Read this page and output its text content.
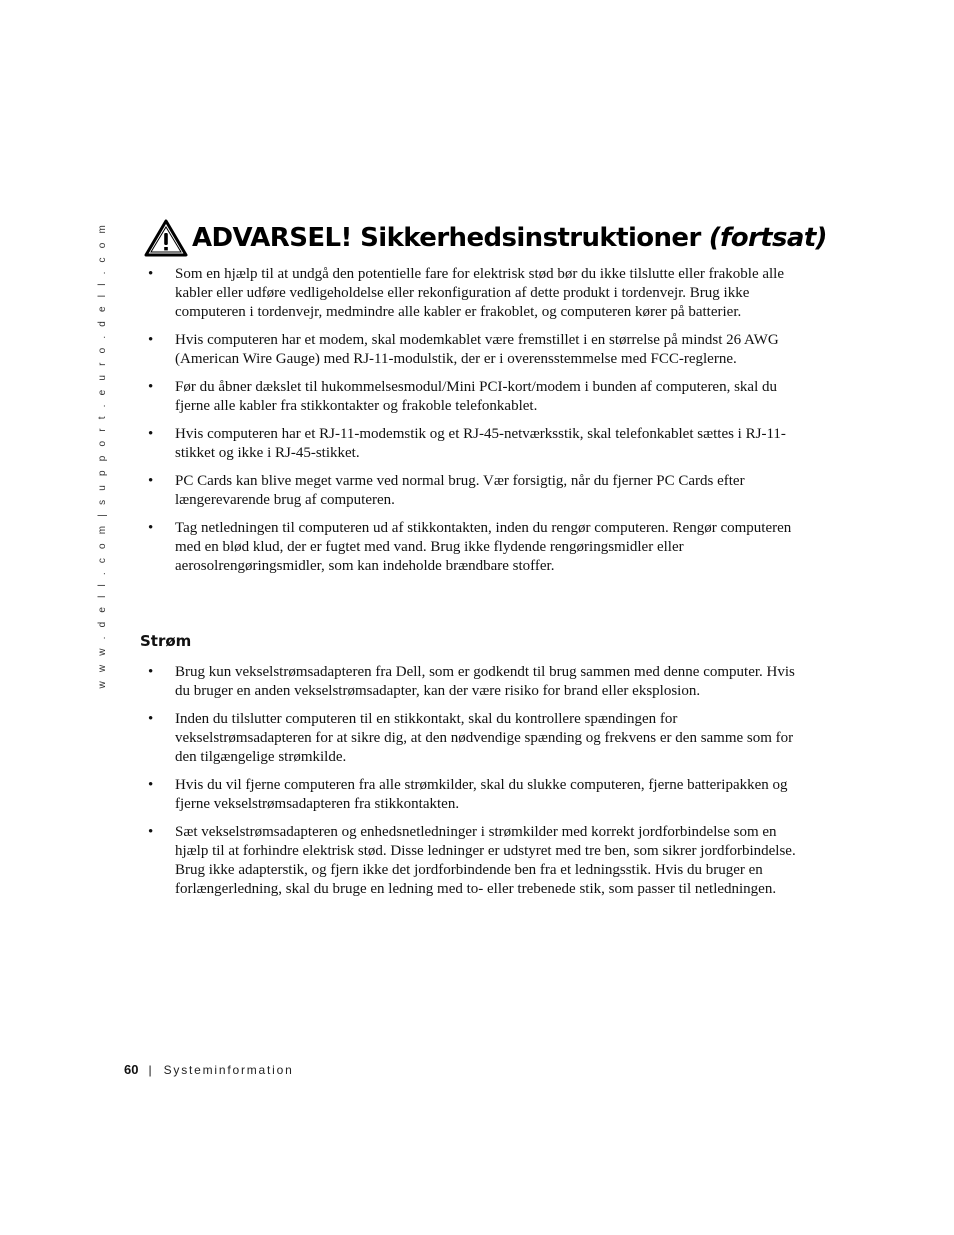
w w w . d e l l . c o m | s u p p o r t . e u r o . d e l l . c o m	ADVARSEL! Sikkerhedsinstruktioner (fortsat)
• Som en hjælp til at undgå den potentielle fare for elektrisk stød bør du ikke tilslutte eller frakoble alle kabler eller udføre vedligeholdelse eller rekonfiguration af dette produkt i tordenvejr. Brug ikke computeren i tordenvejr, medmindre alle kabler er frakoblet, og computeren kører på batterier.
• Hvis computeren har et modem, skal modemkablet være fremstillet i en størrelse på mindst 26 AWG (American Wire Gauge) med RJ-11-modulstik, der er i overensstemmelse med FCC-reglerne.
• Før du åbner dækslet til hukommelsesmodul/Mini PCI-kort/modem i bunden af computeren, skal du fjerne alle kabler fra stikkontakter og frakoble telefonkablet.
• Hvis computeren har et RJ-11-modemstik og et RJ-45-netværksstik, skal telefonkablet sættes i RJ-11-stikket og ikke i RJ-45-stikket.
• PC Cards kan blive meget varme ved normal brug. Vær forsigtig, når du fjerner PC Cards efter længerevarende brug af computeren.
• Tag netledningen til computeren ud af stikkontakten, inden du rengør computeren. Rengør computeren med en blød klud, der er fugtet med vand. Brug ikke flydende rengøringsmidler eller aerosolrengøringsmidler, som kan indeholde brændbare stoffer.
Strøm
• Brug kun vekselstrømsadapteren fra Dell, som er godkendt til brug sammen med denne computer. Hvis du bruger en anden vekselstrømsadapter, kan der være risiko for brand eller eksplosion.
• Inden du tilslutter computeren til en stikkontakt, skal du kontrollere spændingen for vekselstrømsadapteren for at sikre dig, at den nødvendige spænding og frekvens er den samme som for den tilgængelige strømkilde.
• Hvis du vil fjerne computeren fra alle strømkilder, skal du slukke computeren, fjerne batteripakken og fjerne vekselstrømsadapteren fra stikkontakten.
• Sæt vekselstrømsadapteren og enhedsnetledninger i strømkilder med korrekt jordforbindelse som en hjælp til at forhindre elektrisk stød. Disse ledninger er udstyret med tre ben, som sikrer jordforbindelse. Brug ikke adapterstik, og fjern ikke det jordforbindende ben fra et ledningsstik. Hvis du bruger en forlængerledning, skal du bruge en ledning med to- eller trebenede stik, som passer til netledningen.
60 | Systeminformation
